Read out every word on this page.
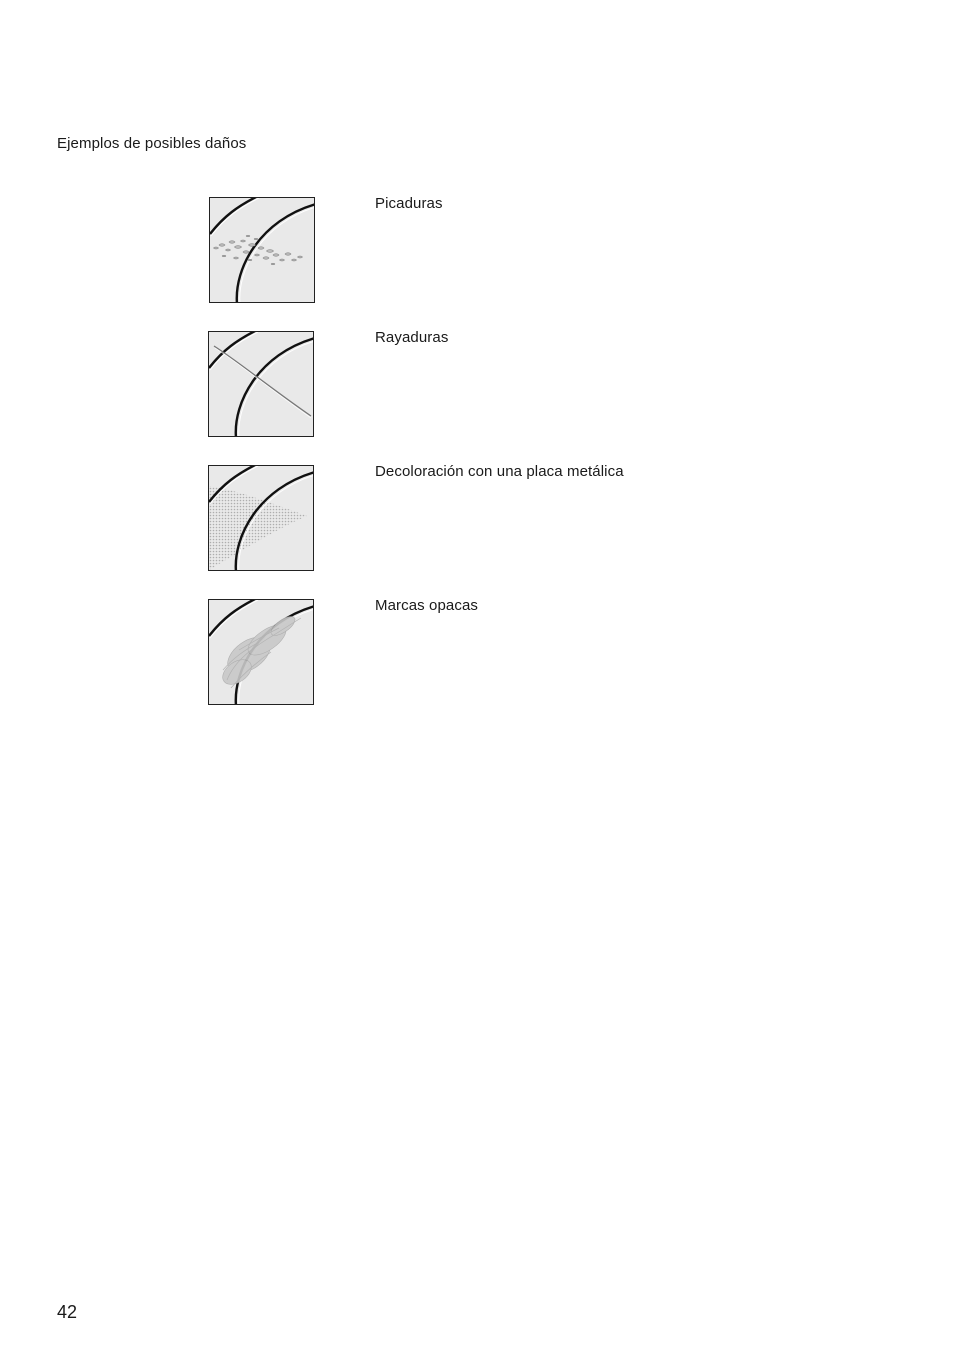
Ejemplos de posibles daños
Picaduras
Rayaduras
Decoloración con una placa metálica
Marcas opacas
42
